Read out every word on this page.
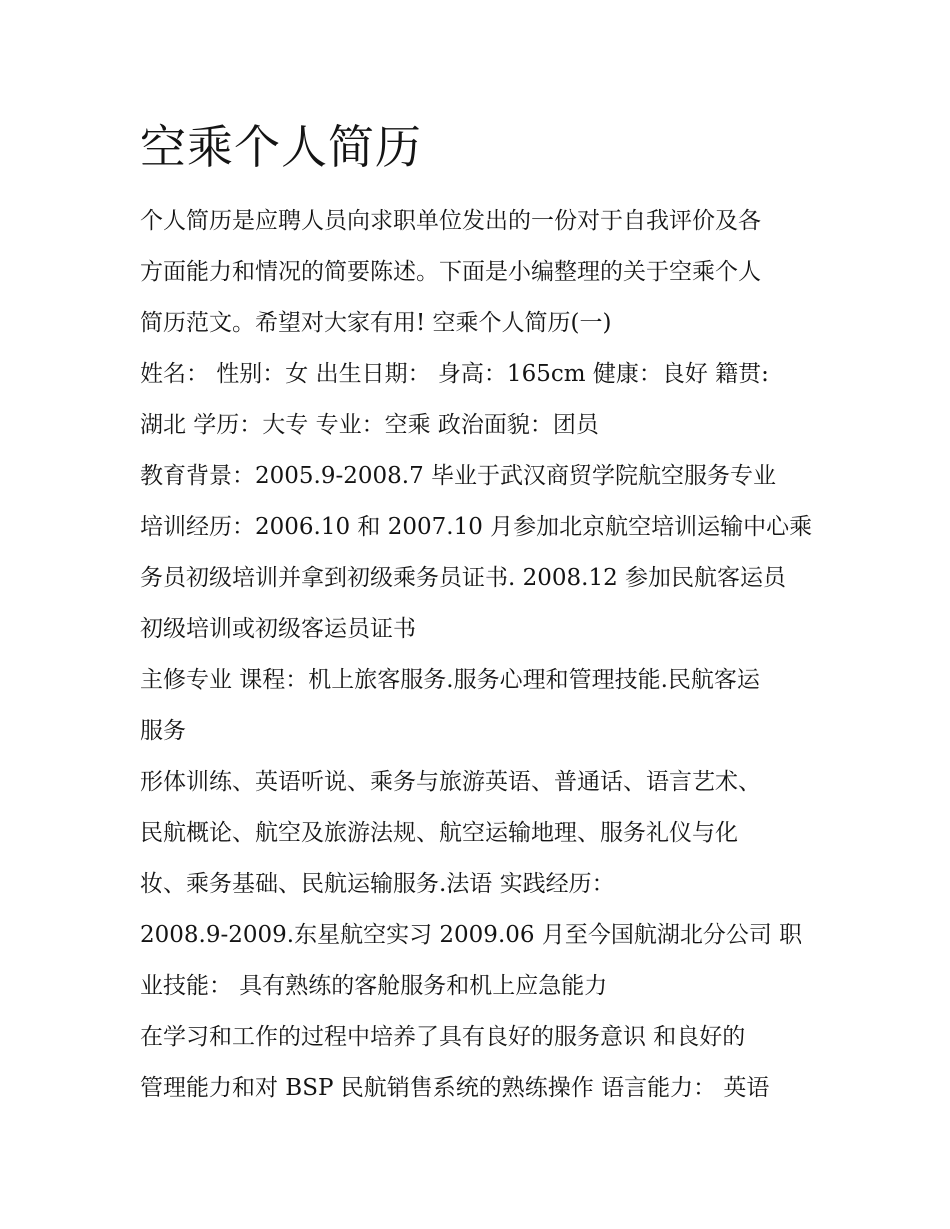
空乘个人简历
个人简历是应聘人员向求职单位发出的一份对于自我评价及各
方面能力和情况的简要陈述。下面是小编整理的关于空乘个人
简历范文。希望对大家有用! 空乘个人简历(一)
姓名： 性别：女 出生日期： 身高：165cm 健康：良好 籍贯:
湖北 学历：大专 专业：空乘 政治面貌：团员
教育背景：2005.9-2008.7 毕业于武汉商贸学院航空服务专业
培训经历：2006.10 和 2007.10 月参加北京航空培训运输中心乘
务员初级培训并拿到初级乘务员证书. 2008.12 参加民航客运员
初级培训或初级客运员证书
主修专业 课程：机上旅客服务.服务心理和管理技能.民航客运
服务
形体训练、英语听说、乘务与旅游英语、普通话、语言艺术、
民航概论、航空及旅游法规、航空运输地理、服务礼仪与化
妆、乘务基础、民航运输服务.法语 实践经历：
2008.9-2009.东星航空实习 2009.06 月至今国航湖北分公司 职
业技能： 具有熟练的客舱服务和机上应急能力
在学习和工作的过程中培养了具有良好的服务意识 和良好的
管理能力和对 BSP 民航销售系统的熟练操作 语言能力： 英语
